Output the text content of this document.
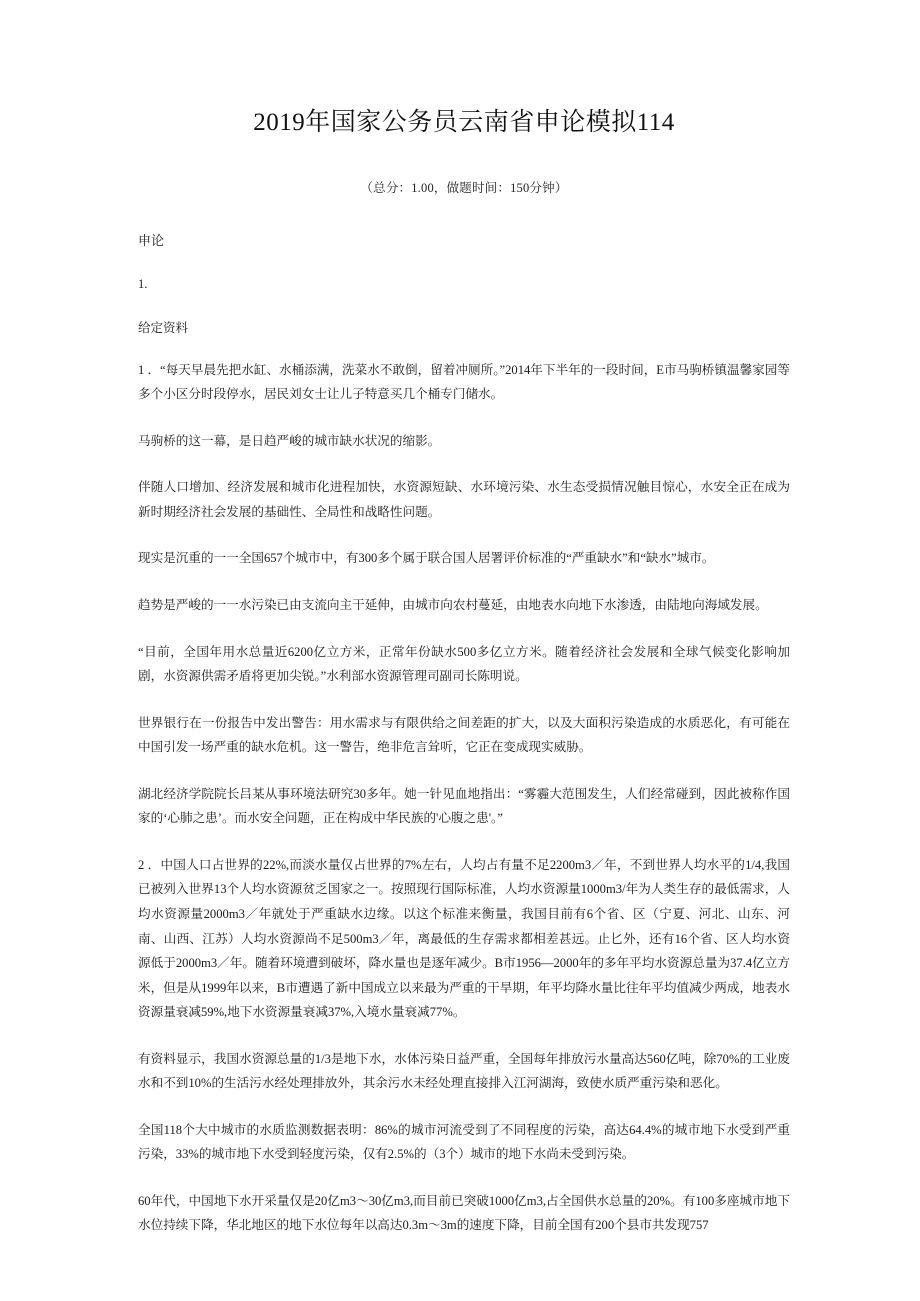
2019年国家公务员云南省申论模拟114
（总分：1.00，做题时间：150分钟）
申论
1.
给定资料

1 ．“每天早晨先把水缸、水桶添满，洗菜水不敢倒，留着冲厕所。”2014年下半年的一段时间，E市马驹桥镇温馨家园等多个小区分时段停水，居民刘女士让儿子特意买几个桶专门储水。

马驹桥的这一幕，是日趋严峻的城市缺水状况的缩影。

伴随人口增加、经济发展和城市化进程加快，水资源短缺、水环境污染、水生态受损情况触目惊心，水安全正在成为新时期经济社会发展的基础性、全局性和战略性问题。

现实是沉重的一一全国657个城市中，有300多个属于联合国人居署评价标准的“严重缺水”和“缺水”城市。

趋势是严峻的一一水污染已由支流向主干延伸，由城市向农村蔓延，由地表水向地下水渗透，由陆地向海域发展。

“目前，全国年用水总量近6200亿立方米，正常年份缺水500多亿立方米。随着经济社会发展和全球气候变化影响加剧，水资源供需矛盾将更加尖锐。”水利部水资源管理司副司长陈明说。

世界银行在一份报告中发出警告：用水需求与有限供给之间差距的扩大，以及大面积污染造成的水质恶化，有可能在中国引发一场严重的缺水危机。这一警告，绝非危言耸听，它正在变成现实威胁。

湖北经济学院院长吕某从事环境法研究30多年。她一针见血地指出：“雾霾大范围发生，人们经常碰到，因此被称作国家的‘心肺之患’。而水安全问题，正在构成中华民族的'心腹之患'。”

2 ．中国人口占世界的22%,而淡水量仅占世界的7%左右，人均占有量不足2200m3／年，不到世界人均水平的1/4,我国已被列入世界13个人均水资源贫乏国家之一。按照现行国际标准，人均水资源量1000m3/年为人类生存的最低需求，人均水资源量2000m3／年就处于严重缺水边缘。以这个标准来衡量，我国目前有6个省、区（宁夏、河北、山东、河南、山西、江苏）人均水资源尚不足500m3／年，离最低的生存需求都相差甚远。止匕外，还有16个省、区人均水资源低于2000m3／年。随着环境遭到破坏，降水量也是逐年减少。B市1956—2000年的多年平均水资源总量为37.4亿立方米，但是从1999年以来，B市遭遇了新中国成立以来最为严重的干旱期，年平均降水量比往年平均值减少两成，地表水资源量衰减59%,地下水资源量衰减37%,入境水量衰减77%。

有资料显示，我国水资源总量的1/3是地下水，水体污染日益严重，全国每年排放污水量高达560亿吨，除70%的工业废水和不到10%的生活污水经处理排放外，其余污水未经处理直接排入江河湖海，致使水质严重污染和恶化。

全国118个大中城市的水质监测数据表明：86%的城市河流受到了不同程度的污染，高达64.4%的城市地下水受到严重污染，33%的城市地下水受到轻度污染，仅有2.5%的（3个）城市的地下水尚未受到污染。

60年代，中国地下水开采量仅是20亿m3～30亿m3,而目前已突破1000亿m3,占全国供水总量的20%。有100多座城市地下水位持续下降，华北地区的地下水位每年以高达0.3m～3m的速度下降，目前全国有200个县市共发现757
